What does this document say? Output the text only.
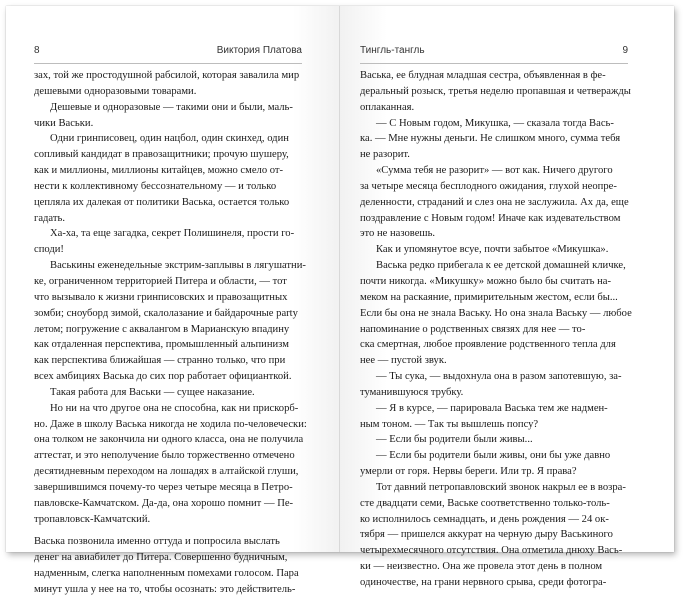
8	Виктория Платова
зах, той же простодушной рабсилой, которая завалила мир
дешевыми одноразовыми товарами.
Дешевые и одноразовые — такими они и были, маль-
чики Васьки.
Одни гринписовец, один нацбол, один скинхед, один
сопливый кандидат в правозащитники; прочую шушеру,
как и миллионы, миллионы китайцев, можно смело от-
нести к коллективному бессознательному — и только
цепляла их далекая от политики Васька, остается только
гадать.
Ха-ха, та еще загадка, секрет Полишинеля, прости го-
споди!
Васькины еженедельные экстрим-заплывы в лягушатни-
ке, ограниченном территорией Питера и области, — тот
что вызывало к жизни гринписовских и правозащитных
зомби; сноуборд зимой, скалолазание и байдарочные party
летом; погружение с аквалангом в Марианскую впадину
как отдаленная перспектива, промышленный альпинизм
как перспектива ближайшая — странно только, что при
всех амбициях Васька до сих пор работает официанткой.
Такая работа для Васьки — сущее наказание.
Но ни на что другое она не способна, как ни прискорб-
но. Даже в школу Васька никогда не ходила по-человечески:
она толком не закончила ни одного класса, она не получила
аттестат, и это неполучение было торжественно отмечено
десятидневным переходом на лошадях в алтайской глуши,
завершившимся почему-то через четыре месяца в Петро-
павловске-Камчатском. Да-да, она хорошо помнит — Пе-
тропавловск-Камчатский.
Васька позвонила именно оттуда и попросила выслать
денег на авиабилет до Питера. Совершенно будничным,
надменным, слегка наполненным помехами голосом. Пара
минут ушла у нее на то, чтобы осознать: это действитель-
Тингль-тангль	9
Васька, ее блудная младшая сестра, объявленная в фе-
деральный розыск, третья неделю пропавшая и четверажды
оплаканная.
— С Новым годом, Микушка, — сказала тогда Вась-
ка. — Мне нужны деньги. Не слишком много, сумма тебя
не разорит.
«Сумма тебя не разорит» — вот как. Ничего другого
за четыре месяца бесплодного ожидания, глухой неопре-
деленности, страданий и слез она не заслужила. Ах да, еще
поздравление с Новым годом! Иначе как издевательством
это не назовешь.
Как и упомянутое всуе, почти забытое «Микушка».
Васька редко прибегала к ее детской домашней кличке,
почти никогда. «Микушку» можно было бы считать на-
меком на раскаяние, примирительным жестом, если бы...
Если бы она не знала Ваську. Но она знала Ваську — любое
напоминание о родственных связях для нее — то-
ска смертная, любое проявление родственного тепла для
нее — пустой звук.
— Ты сука, — выдохнула она в разом запотевшую, за-
туманившуюся трубку.
— Я в курсе, — парировала Васька тем же надмен-
ным тоном. — Так ты вышлешь попсу?
— Если бы родители были живы...
— Если бы родители были живы, они бы уже давно
умерли от горя. Нервы береги. Или тр. Я права?
Тот давний петропавловский звонок накрыл ее в возра-
сте двадцати семи, Ваське соответственно только-толь-
ко исполнилось семнадцать, и день рождения — 24 ок-
тября — пришелся аккурат на черную дыру Васькиного
четырехмесячного отсутствия. Она отметила днюху Вась-
ки — неизвестно. Она же провела этот день в полном
одиночестве, на грани нервного срыва, среди фотогра-
